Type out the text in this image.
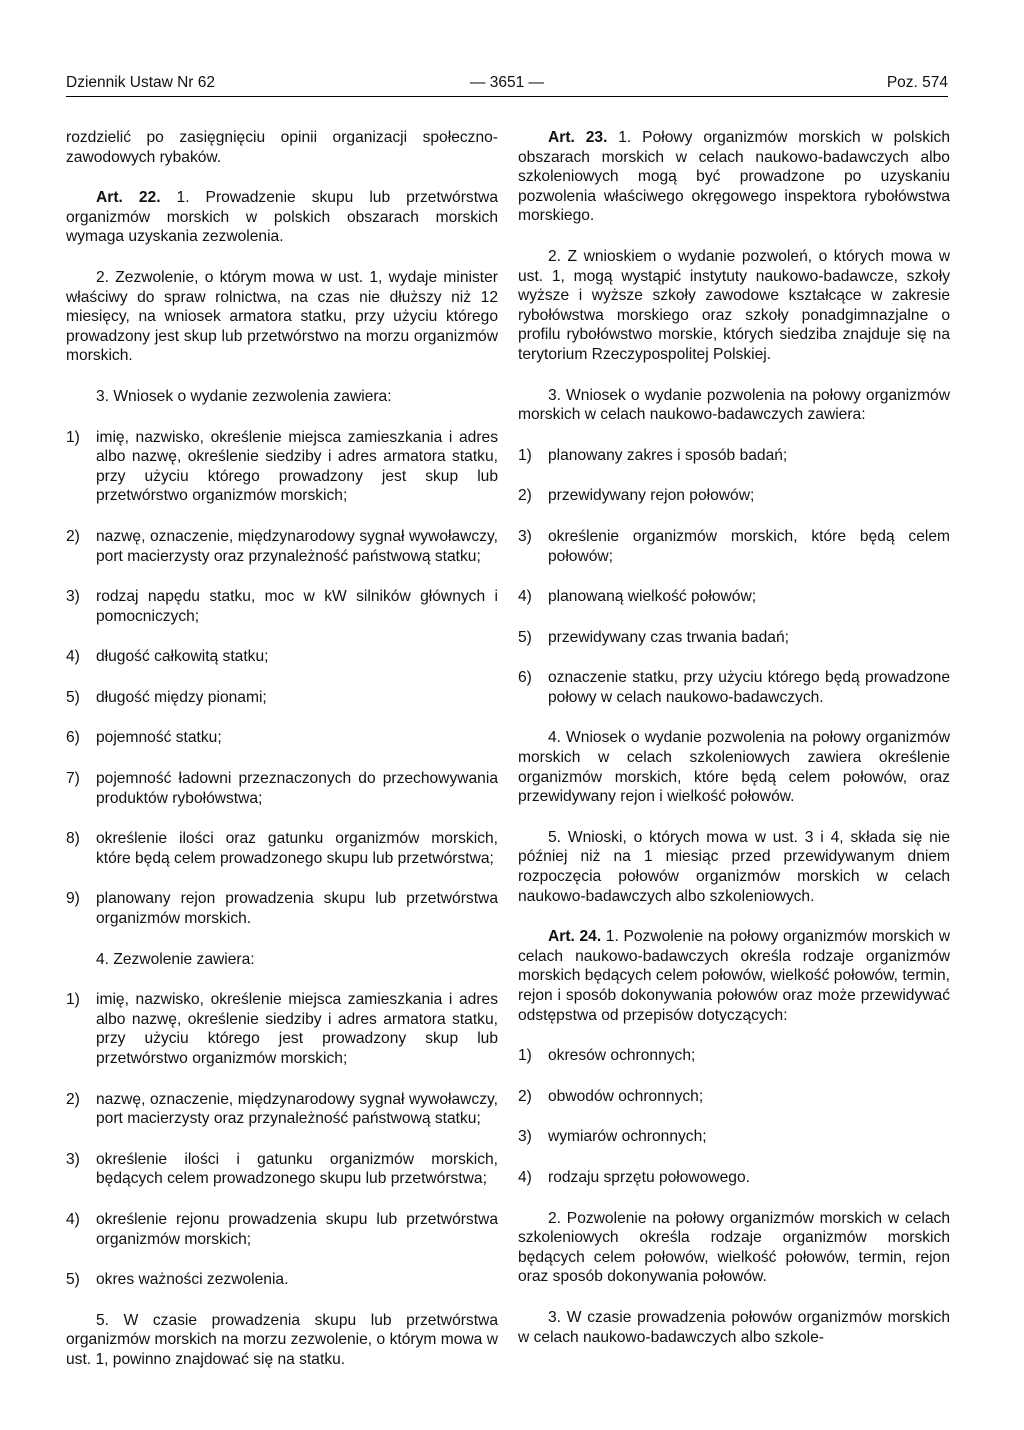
Dziennik Ustaw Nr 62	— 3651 —	Poz. 574

rozdzielić po zasięgnięciu opinii organizacji społeczno-zawodowych rybaków.

Art. 22. 1. Prowadzenie skupu lub przetwórstwa organizmów morskich w polskich obszarach morskich wymaga uzyskania zezwolenia.

2. Zezwolenie, o którym mowa w ust. 1, wydaje minister właściwy do spraw rolnictwa, na czas nie dłuższy niż 12 miesięcy, na wniosek armatora statku, przy użyciu którego prowadzony jest skup lub przetwórstwo na morzu organizmów morskich.

3. Wniosek o wydanie zezwolenia zawiera:

1)	imię, nazwisko, określenie miejsca zamieszkania i adres albo nazwę, określenie siedziby i adres armatora statku, przy użyciu którego prowadzony jest skup lub przetwórstwo organizmów morskich;
2)	nazwę, oznaczenie, międzynarodowy sygnał wywoławczy, port macierzysty oraz przynależność państwową statku;
3)	rodzaj napędu statku, moc w kW silników głównych i pomocniczych;
4)	długość całkowitą statku;
5)	długość między pionami;
6)	pojemność statku;
7)	pojemność ładowni przeznaczonych do przechowywania produktów rybołówstwa;
8)	określenie ilości oraz gatunku organizmów morskich, które będą celem prowadzonego skupu lub przetwórstwa;
9)	planowany rejon prowadzenia skupu lub przetwórstwa organizmów morskich.

4. Zezwolenie zawiera:

1)	imię, nazwisko, określenie miejsca zamieszkania i adres albo nazwę, określenie siedziby i adres armatora statku, przy użyciu którego jest prowadzony skup lub przetwórstwo organizmów morskich;
2)	nazwę, oznaczenie, międzynarodowy sygnał wywoławczy, port macierzysty oraz przynależność państwową statku;
3)	określenie ilości i gatunku organizmów morskich, będących celem prowadzonego skupu lub przetwórstwa;
4)	określenie rejonu prowadzenia skupu lub przetwórstwa organizmów morskich;
5)	okres ważności zezwolenia.

5. W czasie prowadzenia skupu lub przetwórstwa organizmów morskich na morzu zezwolenie, o którym mowa w ust. 1, powinno znajdować się na statku.

Art. 23. 1. Połowy organizmów morskich w polskich obszarach morskich w celach naukowo-badawczych albo szkoleniowych mogą być prowadzone po uzyskaniu pozwolenia właściwego okręgowego inspektora rybołówstwa morskiego.

2. Z wnioskiem o wydanie pozwoleń, o których mowa w ust. 1, mogą wystąpić instytuty naukowo-badawcze, szkoły wyższe i wyższe szkoły zawodowe kształcące w zakresie rybołówstwa morskiego oraz szkoły ponadgimnazjalne o profilu rybołówstwo morskie, których siedziba znajduje się na terytorium Rzeczypospolitej Polskiej.

3. Wniosek o wydanie pozwolenia na połowy organizmów morskich w celach naukowo-badawczych zawiera:

1)	planowany zakres i sposób badań;
2)	przewidywany rejon połowów;
3)	określenie organizmów morskich, które będą celem połowów;
4)	planowaną wielkość połowów;
5)	przewidywany czas trwania badań;
6)	oznaczenie statku, przy użyciu którego będą prowadzone połowy w celach naukowo-badawczych.

4. Wniosek o wydanie pozwolenia na połowy organizmów morskich w celach szkoleniowych zawiera określenie organizmów morskich, które będą celem połowów, oraz przewidywany rejon i wielkość połowów.

5. Wnioski, o których mowa w ust. 3 i 4, składa się nie później niż na 1 miesiąc przed przewidywanym dniem rozpoczęcia połowów organizmów morskich w celach naukowo-badawczych albo szkoleniowych.

Art. 24. 1. Pozwolenie na połowy organizmów morskich w celach naukowo-badawczych określa rodzaje organizmów morskich będących celem połowów, wielkość połowów, termin, rejon i sposób dokonywania połowów oraz może przewidywać odstępstwa od przepisów dotyczących:

1)	okresów ochronnych;
2)	obwodów ochronnych;
3)	wymiarów ochronnych;
4)	rodzaju sprzętu połowowego.

2. Pozwolenie na połowy organizmów morskich w celach szkoleniowych określa rodzaje organizmów morskich będących celem połowów, wielkość połowów, termin, rejon oraz sposób dokonywania połowów.

3. W czasie prowadzenia połowów organizmów morskich w celach naukowo-badawczych albo szkole-
